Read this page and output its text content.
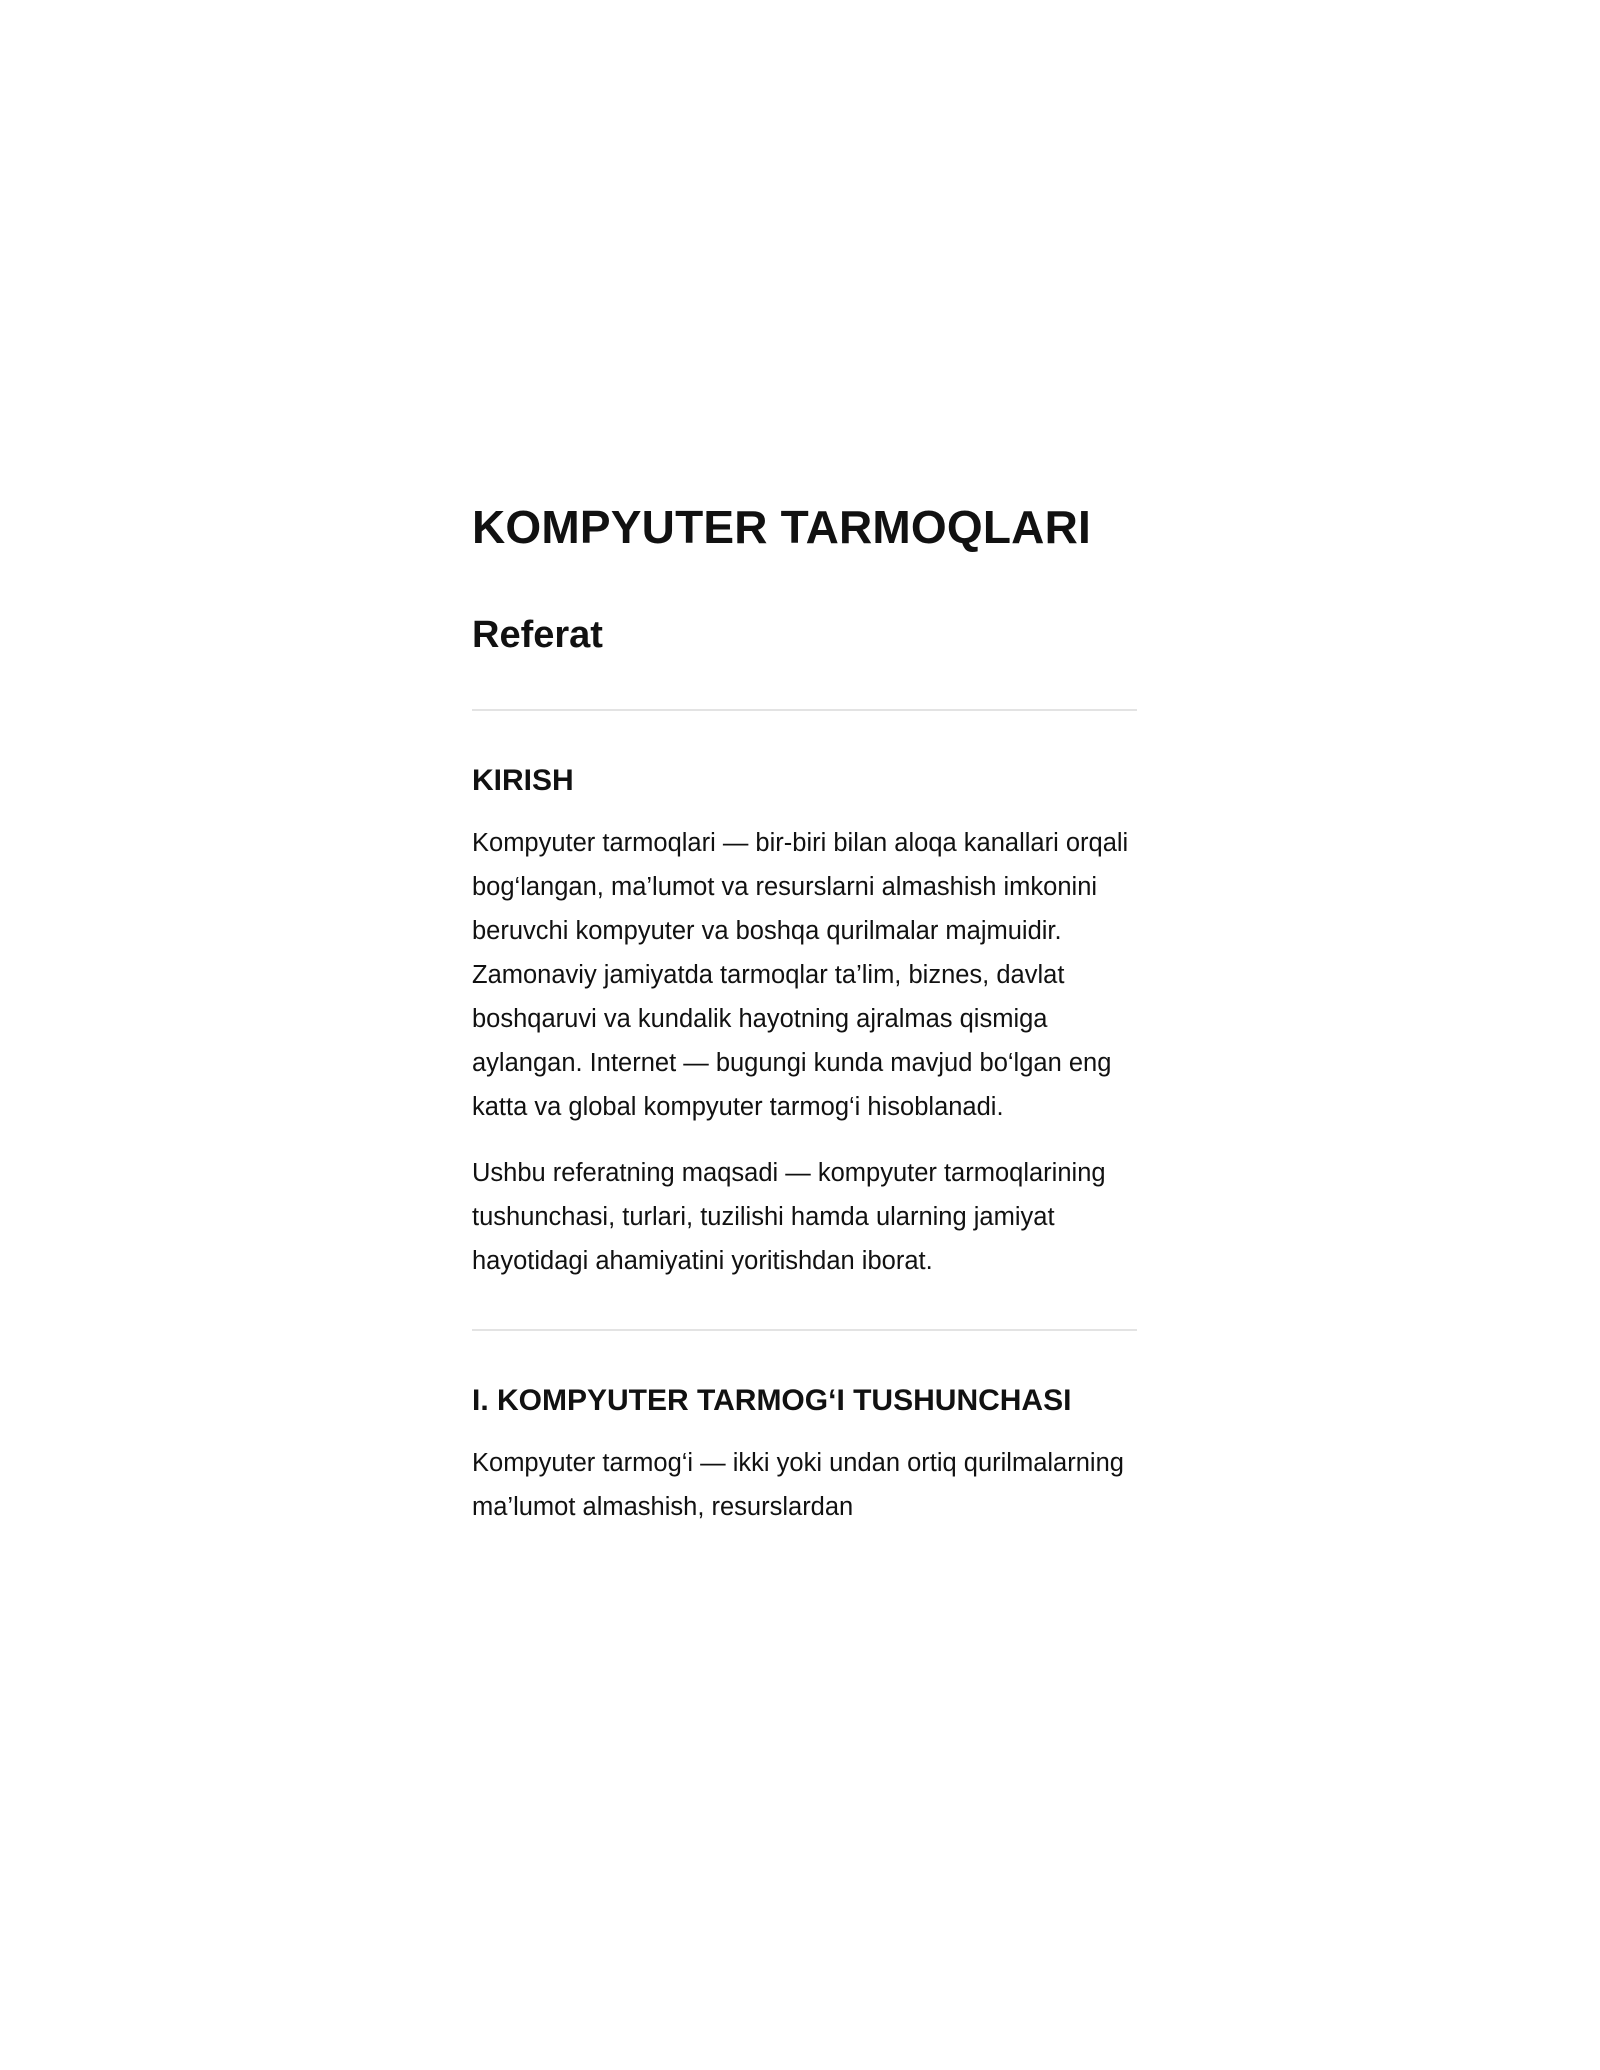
KOMPYUTER TARMOQLARI
Referat
KIRISH

Kompyuter tarmoqlari — bir-biri bilan aloqa kanallari orqali bog‘langan, ma’lumot va resurslarni almashish imkonini beruvchi kompyuter va boshqa qurilmalar majmuidir. Zamonaviy jamiyatda tarmoqlar ta’lim, biznes, davlat boshqaruvi va kundalik hayotning ajralmas qismiga aylangan. Internet — bugungi kunda mavjud bo‘lgan eng katta va global kompyuter tarmog‘i hisoblanadi.

Ushbu referatning maqsadi — kompyuter tarmoqlarining tushunchasi, turlari, tuzilishi hamda ularning jamiyat hayotidagi ahamiyatini yoritishdan iborat.

I. KOMPYUTER TARMOG‘I TUSHUNCHASI

Kompyuter tarmog‘i — ikki yoki undan ortiq qurilmalarning ma’lumot almashish, resurslardan
